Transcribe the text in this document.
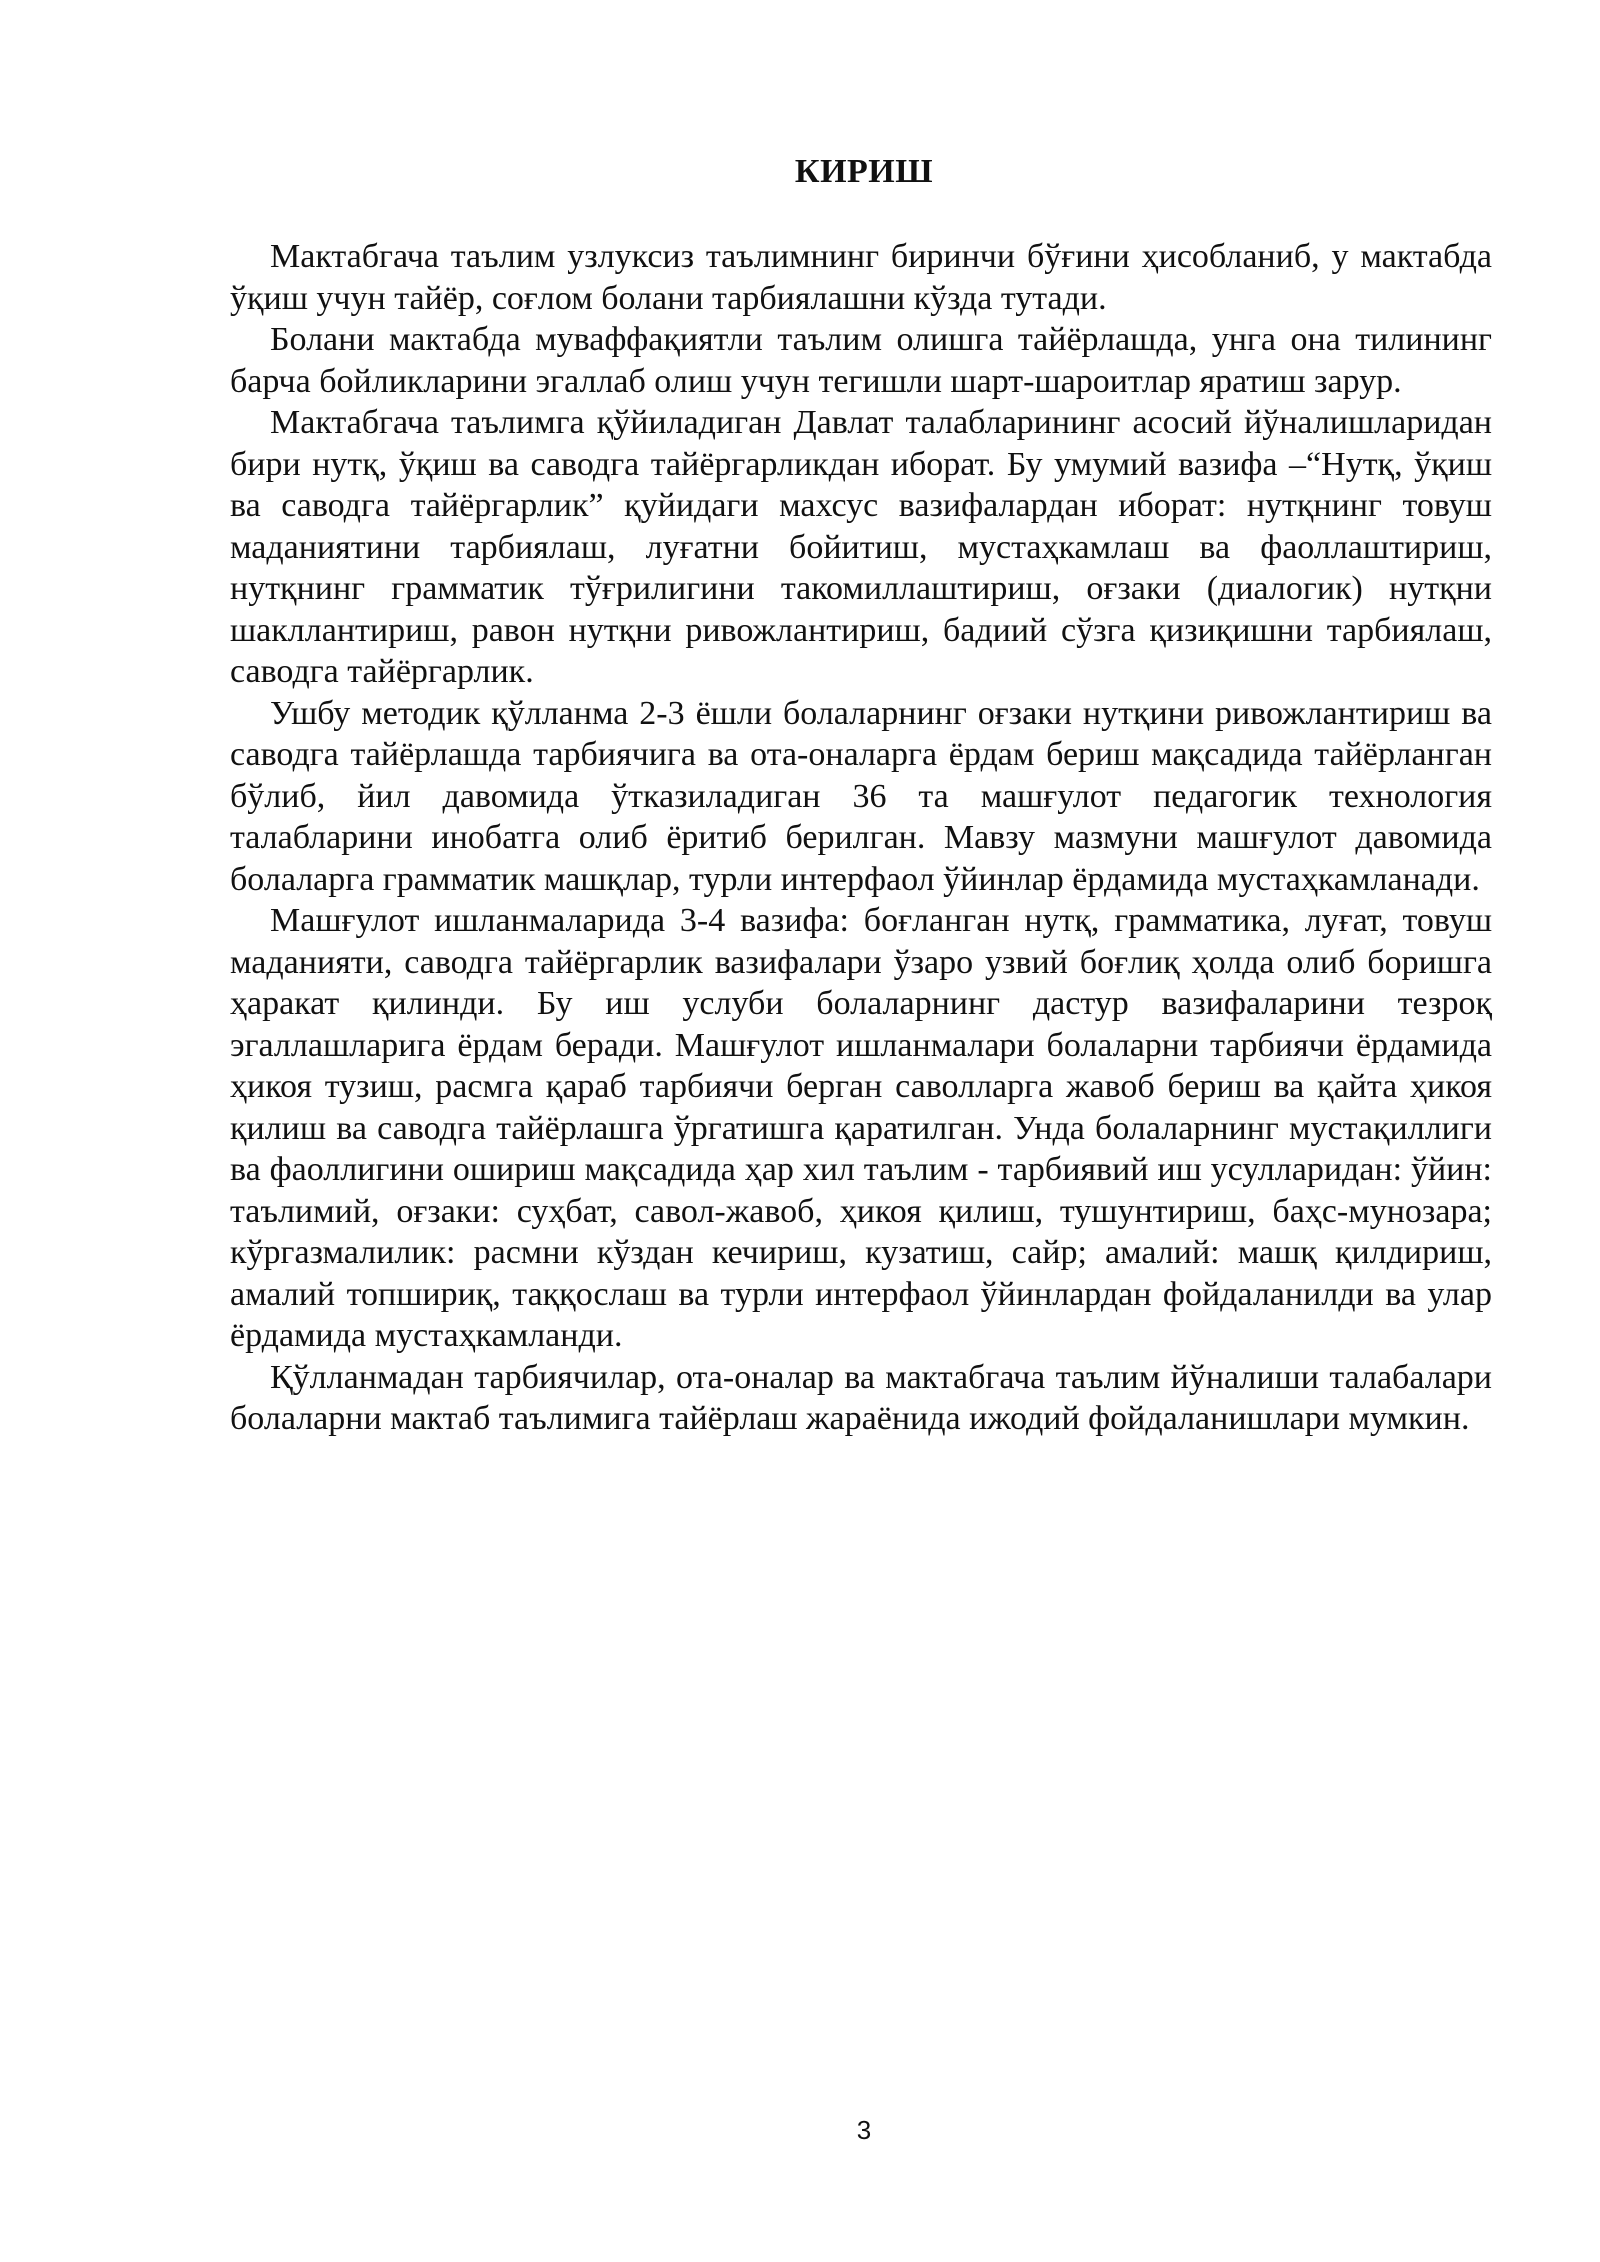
КИРИШ

Мактабгача таълим узлуксиз таълимнинг биринчи бўғини ҳисобланиб, у мактабда ўқиш учун тайёр, соғлом болани тарбиялашни кўзда тутади.

Болани мактабда муваффақиятли таълим олишга тайёрлашда, унга она тилининг барча бойликларини эгаллаб олиш учун тегишли шарт-шароитлар яратиш зарур.

Мактабгача таълимга қўйиладиган Давлат талабларининг асосий йўналишларидан бири нутқ, ўқиш ва саводга тайёргарликдан иборат. Бу умумий вазифа –“Нутқ, ўқиш ва саводга тайёргарлик” қуйидаги махсус вазифалардан иборат: нутқнинг товуш маданиятини тарбиялаш, луғатни бойитиш, мустаҳкамлаш ва фаоллаштириш, нутқнинг грамматик тўғрилигини такомиллаштириш, оғзаки (диалогик) нутқни шакллантириш, равон нутқни ривожлантириш, бадиий сўзга қизиқишни тарбиялаш, саводга тайёргарлик.

Ушбу методик қўлланма 2-3 ёшли болаларнинг оғзаки нутқини ривожлантириш ва саводга тайёрлашда тарбиячига ва ота-оналарга ёрдам бериш мақсадида тайёрланган бўлиб, йил давомида ўтказиладиган 36 та машғулот педагогик технология талабларини инобатга олиб ёритиб берилган. Мавзу мазмуни машғулот давомида болаларга грамматик машқлар, турли интерфаол ўйинлар ёрдамида мустаҳкамланади.

Машғулот ишланмаларида 3-4 вазифа: боғланган нутқ, грамматика, луғат, товуш маданияти, саводга тайёргарлик вазифалари ўзаро узвий боғлиқ ҳолда олиб боришга ҳаракат қилинди. Бу иш услуби болаларнинг дастур вазифаларини тезроқ эгаллашларига ёрдам беради. Машғулот ишланмалари болаларни тарбиячи ёрдамида ҳикоя тузиш, расмга қараб тарбиячи берган саволларга жавоб бериш ва қайта ҳикоя қилиш ва саводга тайёрлашга ўргатишга қаратилган. Унда болаларнинг мустақиллиги ва фаоллигини ошириш мақсадида ҳар хил таълим - тарбиявий иш усулларидан: ўйин: таълимий, оғзаки: суҳбат, савол-жавоб, ҳикоя қилиш, тушунтириш, баҳс-мунозара; кўргазмалилик: расмни кўздан кечириш, кузатиш, сайр; амалий: машқ қилдириш, амалий топшириқ, таққослаш ва турли интерфаол ўйинлардан фойдаланилди ва улар ёрдамида мустаҳкамланди.

Қўлланмадан тарбиячилар, ота-оналар ва мактабгача таълим йўналиши талабалари болаларни мактаб таълимига тайёрлаш жараёнида ижодий фойдаланишлари мумкин.

3
